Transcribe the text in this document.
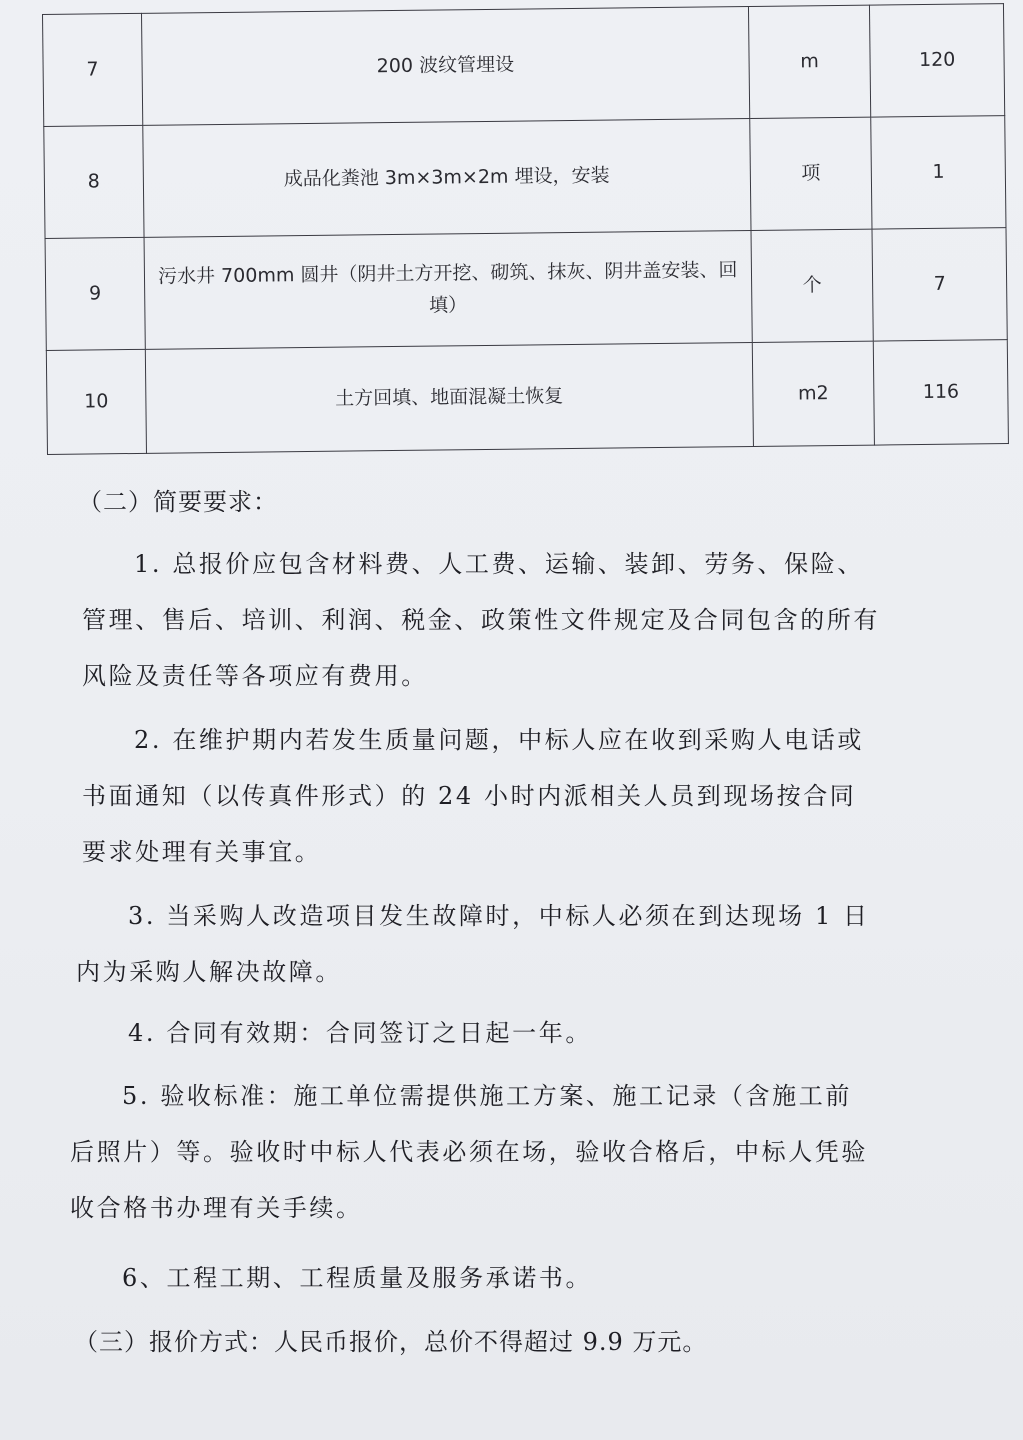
7	200 波纹管埋设	m	120
8	成品化粪池 3m×3m×2m 埋设，安装	项	1
9	污水井 700mm 圆井（阴井土方开挖、砌筑、抹灰、阴井盖安装、回填）	个	7
10	土方回填、地面混凝土恢复	m2	116
（二）简要要求：
1. 总报价应包含材料费、人工费、运输、装卸、劳务、保险、管理、售后、培训、利润、税金、政策性文件规定及合同包含的所有风险及责任等各项应有费用。
2. 在维护期内若发生质量问题，中标人应在收到采购人电话或书面通知（以传真件形式）的 24 小时内派相关人员到现场按合同要求处理有关事宜。
3. 当采购人改造项目发生故障时，中标人必须在到达现场 1 日内为采购人解决故障。
4. 合同有效期：合同签订之日起一年。
5. 验收标准：施工单位需提供施工方案、施工记录（含施工前后照片）等。验收时中标人代表必须在场，验收合格后，中标人凭验收合格书办理有关手续。
6、工程工期、工程质量及服务承诺书。
（三）报价方式：人民币报价，总价不得超过 9.9 万元。
